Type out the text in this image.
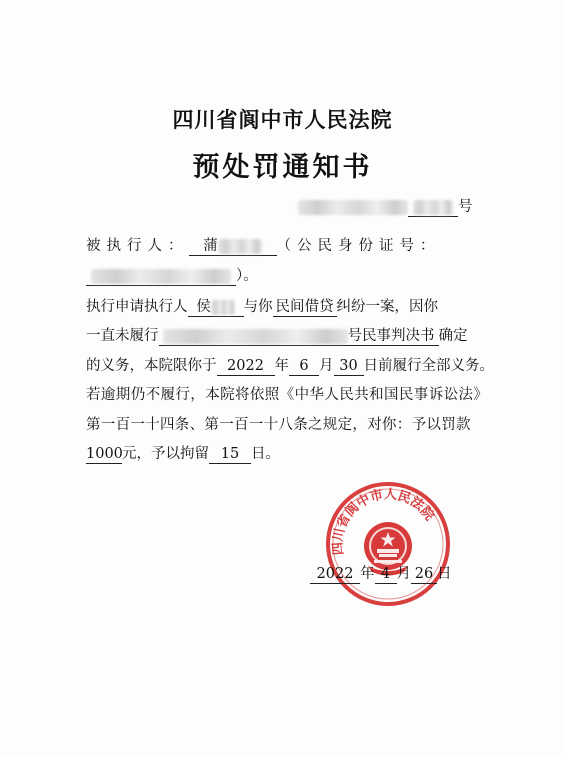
四川省阆中市人民法院
预处罚通知书
号
被执行人： 蒲	（公民身份证号：
）。
执行申请执行人 侯 与你 民间借贷 纠纷一案，因你
一直未履行	号民事判决书 确定
的义务，本院限你于 2022 年 6 月 30 日前履行全部义务。
若逾期仍不履行，本院将依照《中华人民共和国民事诉讼法》
第一百一十四条、第一百一十八条之规定，对你：予以罚款
1000元，予以拘留 15 日。
四川省阆中市人民法院
2022 年 4 月 26 日
